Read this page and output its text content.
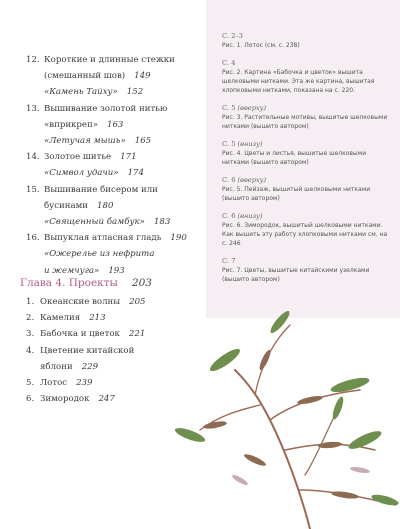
12. Короткие и длинные стежки
(смешанный шов) 149
«Камень Тайху» 152
13. Вышивание золотой нитью
«вприкреп» 163
«Летучая мышь» 165
14. Золотое шитье 171
«Символ удачи» 174
15. Вышивание бисером или
бусинами 180
«Священный бамбук» 183
16. Выпуклая атласная гладь 190
«Ожерелье из нефрита
и жемчуга» 193
Глава 4. Проекты 203
1. Океанские волны 205
2. Камелия 213
3. Бабочка и цветок 221
4. Цветение китайской
яблони 229
5. Лотос 239
6. Зимородок 247
С. 2–3
Рис. 1. Лотос (см. с. 238)
С. 4
Рис. 2. Картина «Бабочка и цветок» вышита шелковыми нитками. Эта же картина, вышитая хлопковыми нитками, показана на с. 220.
С. 5 (вверху)
Рис. 3. Растительные мотивы, вышитые шелковыми нитками (вышито автором)
С. 5 (внизу)
Рис. 4. Цветы и листья, вышитые шелковыми нитками (вышито автором)
С. 6 (вверху)
Рис. 5. Пейзаж, вышитый шелковыми нитками (вышито автором)
С. 6 (внизу)
Рис. 6. Зимородок, вышитый шелковыми нитками. Как вышить эту работу хлопковыми нитками см. на с. 246
С. 7
Рис. 7. Цветы, вышитые китайскими узелками (вышито автором)
